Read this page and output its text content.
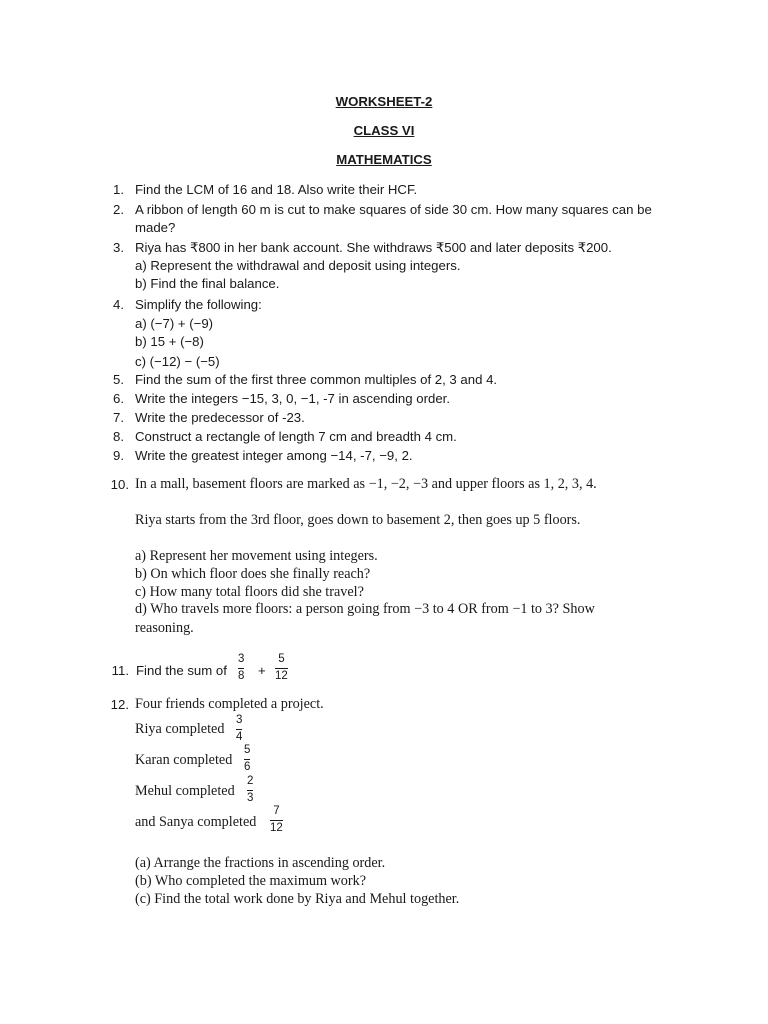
WORKSHEET-2
CLASS VI
MATHEMATICS
1. Find the LCM of 16 and 18. Also write their HCF.
2. A ribbon of length 60 m is cut to make squares of side 30 cm. How many squares can be
made?
3. Riya has ₹800 in her bank account. She withdraws ₹500 and later deposits ₹200.
a) Represent the withdrawal and deposit using integers.
b) Find the final balance.
4. Simplify the following:
a) (−7) + (−9)
b) 15 + (−8)
c) (−12) − (−5)
5. Find the sum of the first three common multiples of 2, 3 and 4.
6. Write the integers −15, 3, 0, −1, -7 in ascending order.
7. Write the predecessor of -23.
8. Construct a rectangle of length 7 cm and breadth 4 cm.
9. Write the greatest integer among −14, -7, −9, 2.
10. In a mall, basement floors are marked as −1, −2, −3 and upper floors as 1, 2, 3, 4.
Riya starts from the 3rd floor, goes down to basement 2, then goes up 5 floors.
a) Represent her movement using integers.
b) On which floor does she finally reach?
c) How many total floors did she travel?
d) Who travels more floors: a person going from −3 to 4 OR from −1 to 3? Show
reasoning.
11. Find the sum of
3
8 +
5
12
12. Four friends completed a project.
Riya completed
3
4
Karan completed
5
6
Mehul completed
2
3
and Sanya completed
7
12
(a) Arrange the fractions in ascending order.
(b) Who completed the maximum work?
(c) Find the total work done by Riya and Mehul together.
